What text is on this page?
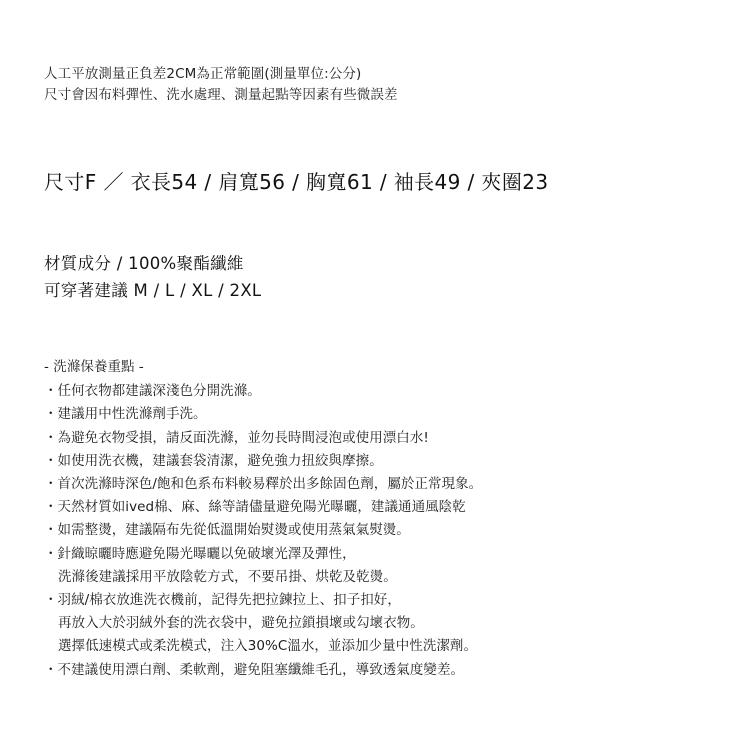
人工平放測量正負差2CM為正常範圍(測量單位:公分)
尺寸會因布料彈性、洗水處理、測量起點等因素有些微誤差
尺寸F ／ 衣長54 / 肩寬56 / 胸寬61 / 袖長49 / 夾圈23
材質成分 / 100%聚酯纖維
可穿著建議 M / L / XL / 2XL
- 洗滌保養重點 -
・任何衣物都建議深淺色分開洗滌。
・建議用中性洗滌劑手洗。
・為避免衣物受損，請反面洗滌，並勿長時間浸泡或使用漂白水!
・如使用洗衣機，建議套袋清潔，避免強力扭絞與摩擦。
・首次洗滌時深色/飽和色系布料較易釋於出多餘固色劑，屬於正常現象。
・天然材質如ived棉、麻、絲等請儘量避免陽光曝曬，建議通通風陰乾
・如需整燙，建議隔布先從低溫開始熨燙或使用蒸氣氣熨燙。
・針織晾曬時應避免陽光曝曬以免破壞光澤及彈性，
洗滌後建議採用平放陰乾方式，不要吊掛、烘乾及乾燙。
・羽絨/棉衣放進洗衣機前，記得先把拉鍊拉上、扣子扣好，
再放入大於羽絨外套的洗衣袋中，避免拉鎖損壞或勾壞衣物。
選擇低速模式或柔洗模式，注入30%C溫水，並添加少量中性洗潔劑。
・不建議使用漂白劑、柔軟劑，避免阻塞纖維毛孔，導致透氣度變差。
